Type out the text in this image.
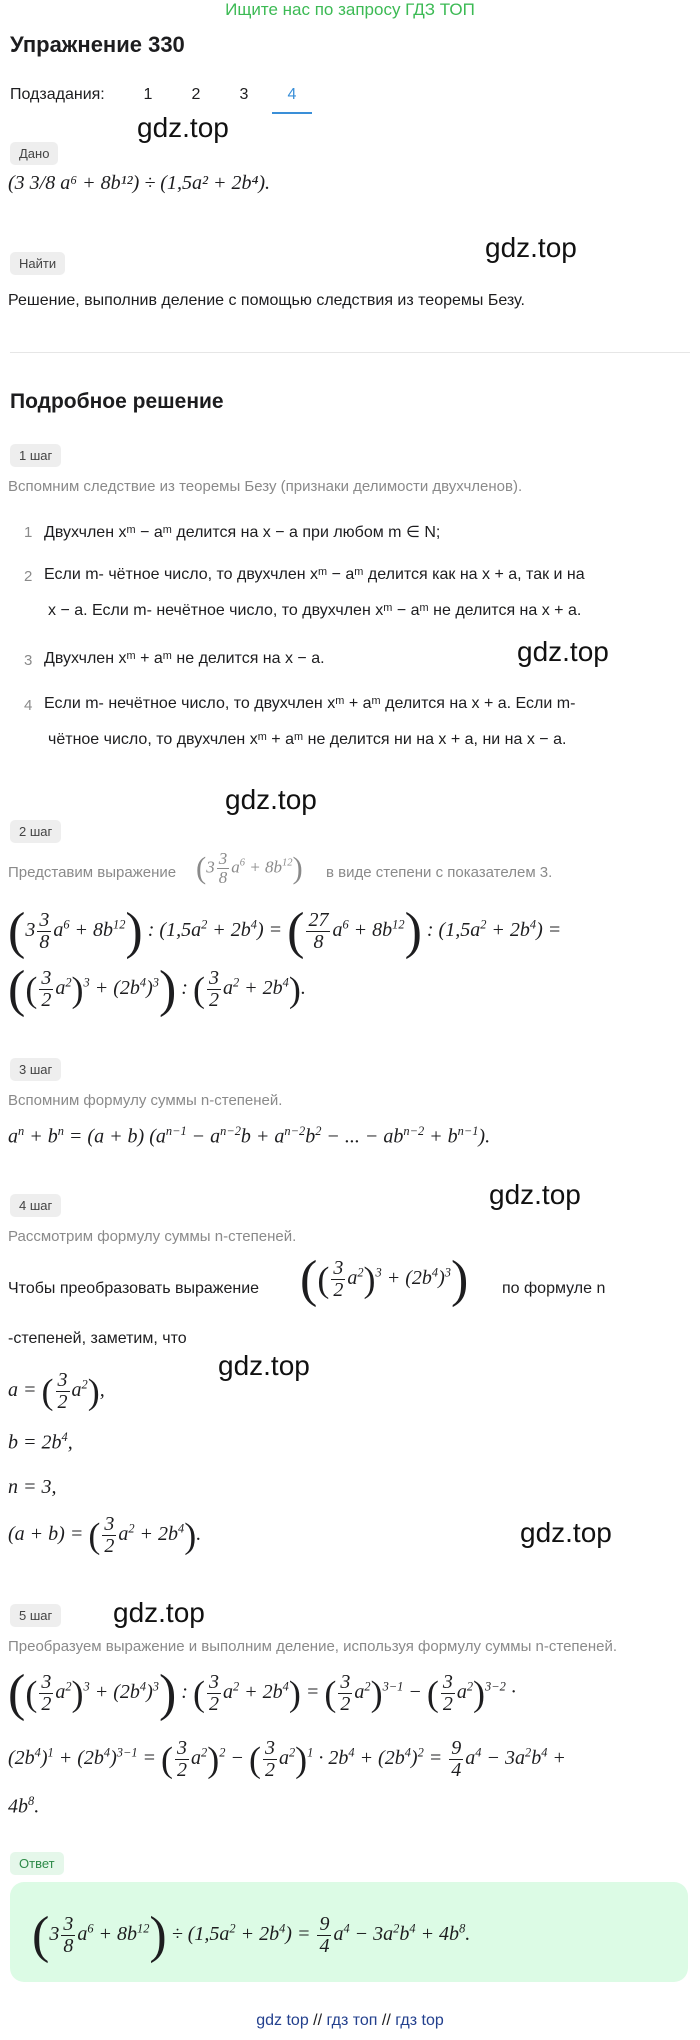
Ищите нас по запросу ГДЗ ТОП
Упражнение 330
Подзадания:	1	2	3	4
gdz.top
gdz.top
gdz.top
gdz.top
gdz.top
gdz.top
gdz.top
gdz.top
Дано
(3 3/8 a⁶ + 8b¹²) ÷ (1,5a² + 2b⁴).
Найти
Решение, выполнив деление с помощью следствия из теоремы Безу.
Подробное решение
1 шаг
Вспомним следствие из теоремы Безу (признаки делимости двухчленов).
1 Двухчлен xᵐ − aᵐ делится на x − a при любом m ∈ N;
2 Если m- чётное число, то двухчлен xᵐ − aᵐ делится как на x + a, так и на
x − a. Если m- нечётное число, то двухчлен xᵐ − aᵐ не делится на x + a.
3 Двухчлен xᵐ + aᵐ не делится на x − a.
4 Если m- нечётное число, то двухчлен xᵐ + aᵐ делится на x + a. Если m-
чётное число, то двухчлен xᵐ + aᵐ не делится ни на x + a, ни на x − a.
2 шаг
Представим выражение $(3 \frac{3}{8} a^6 + 8b^{12})$ в виде степени с показателем 3.
$(3 \frac{3}{8} a^6 + 8b^{12})$ : $(1,5a^2 + 2b^4)$ = ( $\frac{27}{8} a^6 + 8b^{12}$) : $(1,5a^2 + 2b^4)$ =
(( $\frac{3}{2} a^2)^3 + (2b^4)^3$) : ( $\frac{3}{2} a^2 + 2b^4$).
3 шаг
Вспомним формулу суммы n-степеней.
$a^n + b^n = (a + b) (a^{n-1} - a^{n-2}b + a^{n-2}b^2$ − ... − $ab^{n-2} + b^{n-1}$).
4 шаг
Рассмотрим формулу суммы n-степеней.
Чтобы преобразовать выражение (( $\frac{3}{2} a^2)^3 + (2b^4)^3$) по формуле n
-степеней, заметим, что
a = ( $\frac{3}{2} a^2$),
$b = 2b^4$,
n = 3,
(a + b) = ( $\frac{3}{2} a^2 + 2b^4$).
5 шаг
Преобразуем выражение и выполним деление, используя формулу суммы n-степеней.
(( $\frac{3}{2} a^2)^3 + (2b^4)^3$) : ( $\frac{3}{2} a^2 + 2b^4$) = ( $\frac{3}{2} a^2)^{3-1}$ − ( $\frac{3}{2} a^2)^{3-2}$ ·
$(2b^4)^1 + (2b^4)^{3-1}$ = ( $\frac{3}{2} a^2)^2$ − ( $\frac{3}{2} a^2)^1 \cdot 2b^4 + (2b^4)^2 = \frac{9}{4} a^4 - 3a^2b^4$ +
$4b^8$.
Ответ
$(3 \frac{3}{8} a^6 + 8b^{12}) \div (1,5a^2 + 2b^4) = \frac{9}{4} a^4 - 3a^2b^4 + 4b^8$.
gdz top // гдз топ // гдз top
